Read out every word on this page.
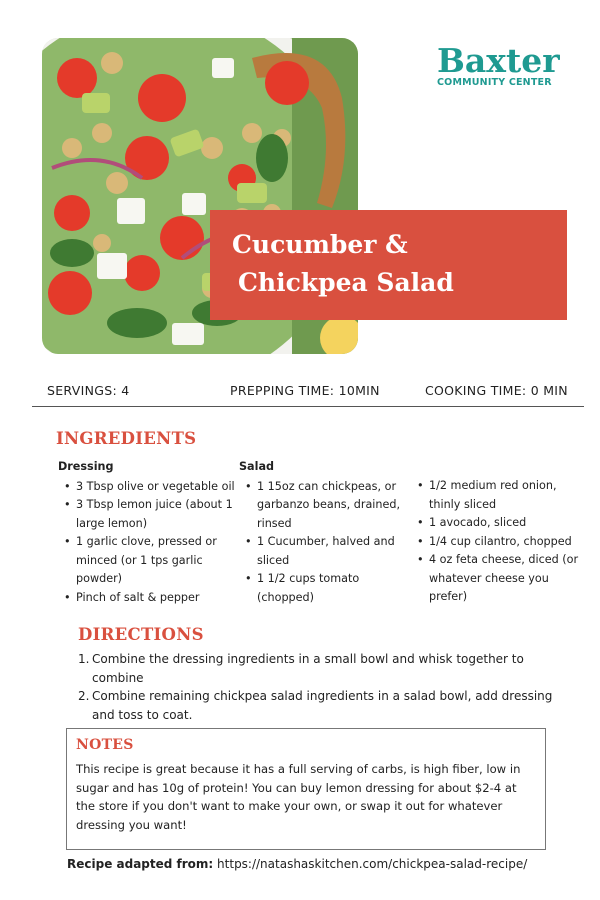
Baxter
COMMUNITY CENTER
Cucumber &
Chickpea Salad
SERVINGS: 4	PREPPING TIME: 10MIN	COOKING TIME: 0 MIN
INGREDIENTS
Dressing
• 3 Tbsp olive or vegetable oil
• 3 Tbsp lemon juice (about 1 large lemon)
• 1 garlic clove, pressed or minced (or 1 tps garlic powder)
• Pinch of salt & pepper
Salad
• 1 15oz can chickpeas, or garbanzo beans, drained, rinsed
• 1 Cucumber, halved and sliced
• 1 1/2 cups tomato (chopped)
• 1/2 medium red onion, thinly sliced
• 1 avocado, sliced
• 1/4 cup cilantro, chopped
• 4 oz feta cheese, diced (or whatever cheese you prefer)
DIRECTIONS
1. Combine the dressing ingredients in a small bowl and whisk together to combine
2. Combine remaining chickpea salad ingredients in a salad bowl, add dressing and toss to coat.
NOTES
This recipe is great because it has a full serving of carbs, is high fiber, low in sugar and has 10g of protein! You can buy lemon dressing for about $2-4 at the store if you don't want to make your own, or swap it out for whatever dressing you want!
Recipe adapted from: https://natashaskitchen.com/chickpea-salad-recipe/
